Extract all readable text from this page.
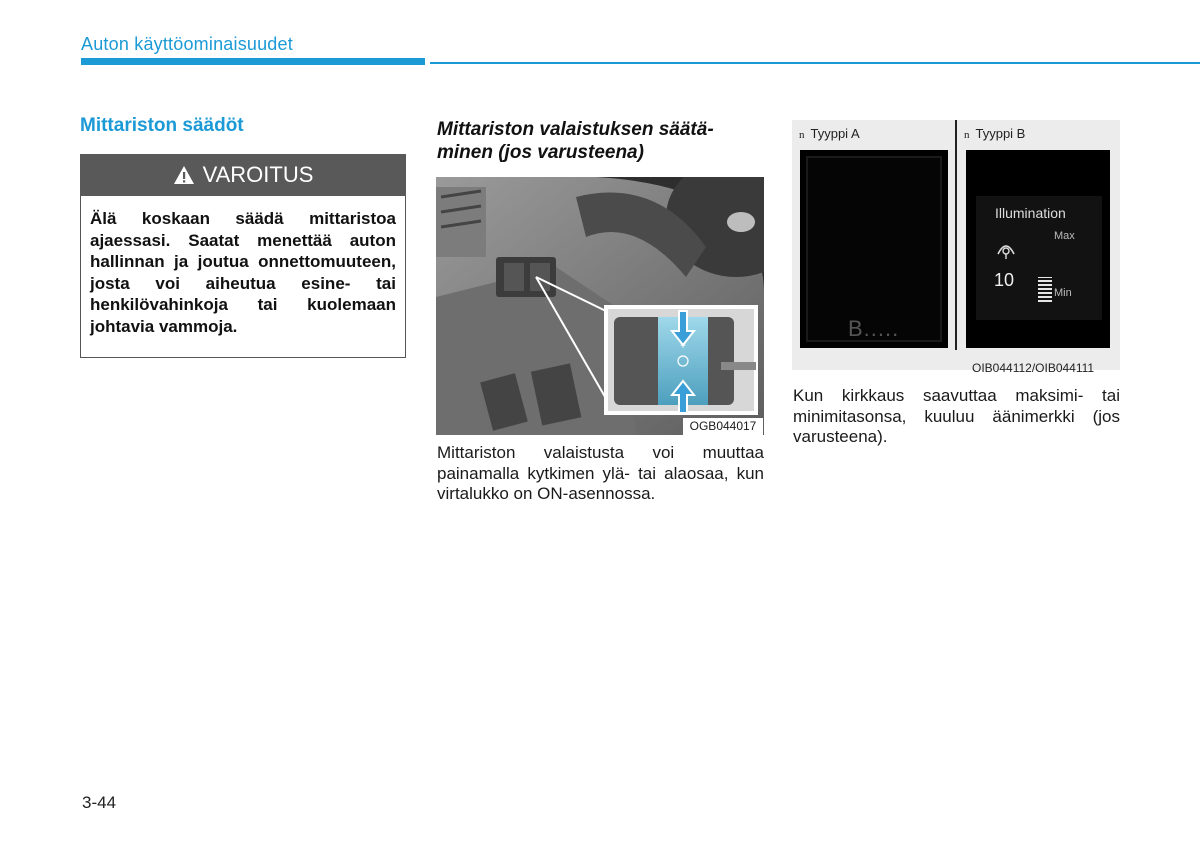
Auton käyttöominaisuudet
Mittariston säädöt
VAROITUS
Älä koskaan säädä mittaristoa ajaessasi. Saatat menettää auton hallinnan ja joutua onnettomuuteen, josta voi aiheutua esine- tai henkilövahinkoja tai kuolemaan johtavia vammoja.
Mittariston valaistuksen säätä-
minen (jos varusteena)
+
OGB044017
Mittariston valaistusta voi muuttaa painamalla kytkimen ylä- tai alaosaa, kun virtalukko on ON-asennossa.
n Tyyppi A	n Tyyppi B
B.....
Illumination
10
Max
Min
OIB044112/OIB044111
Kun kirkkaus saavuttaa maksimi- tai minimitasonsa, kuuluu äänimerkki (jos varusteena).
3-44
